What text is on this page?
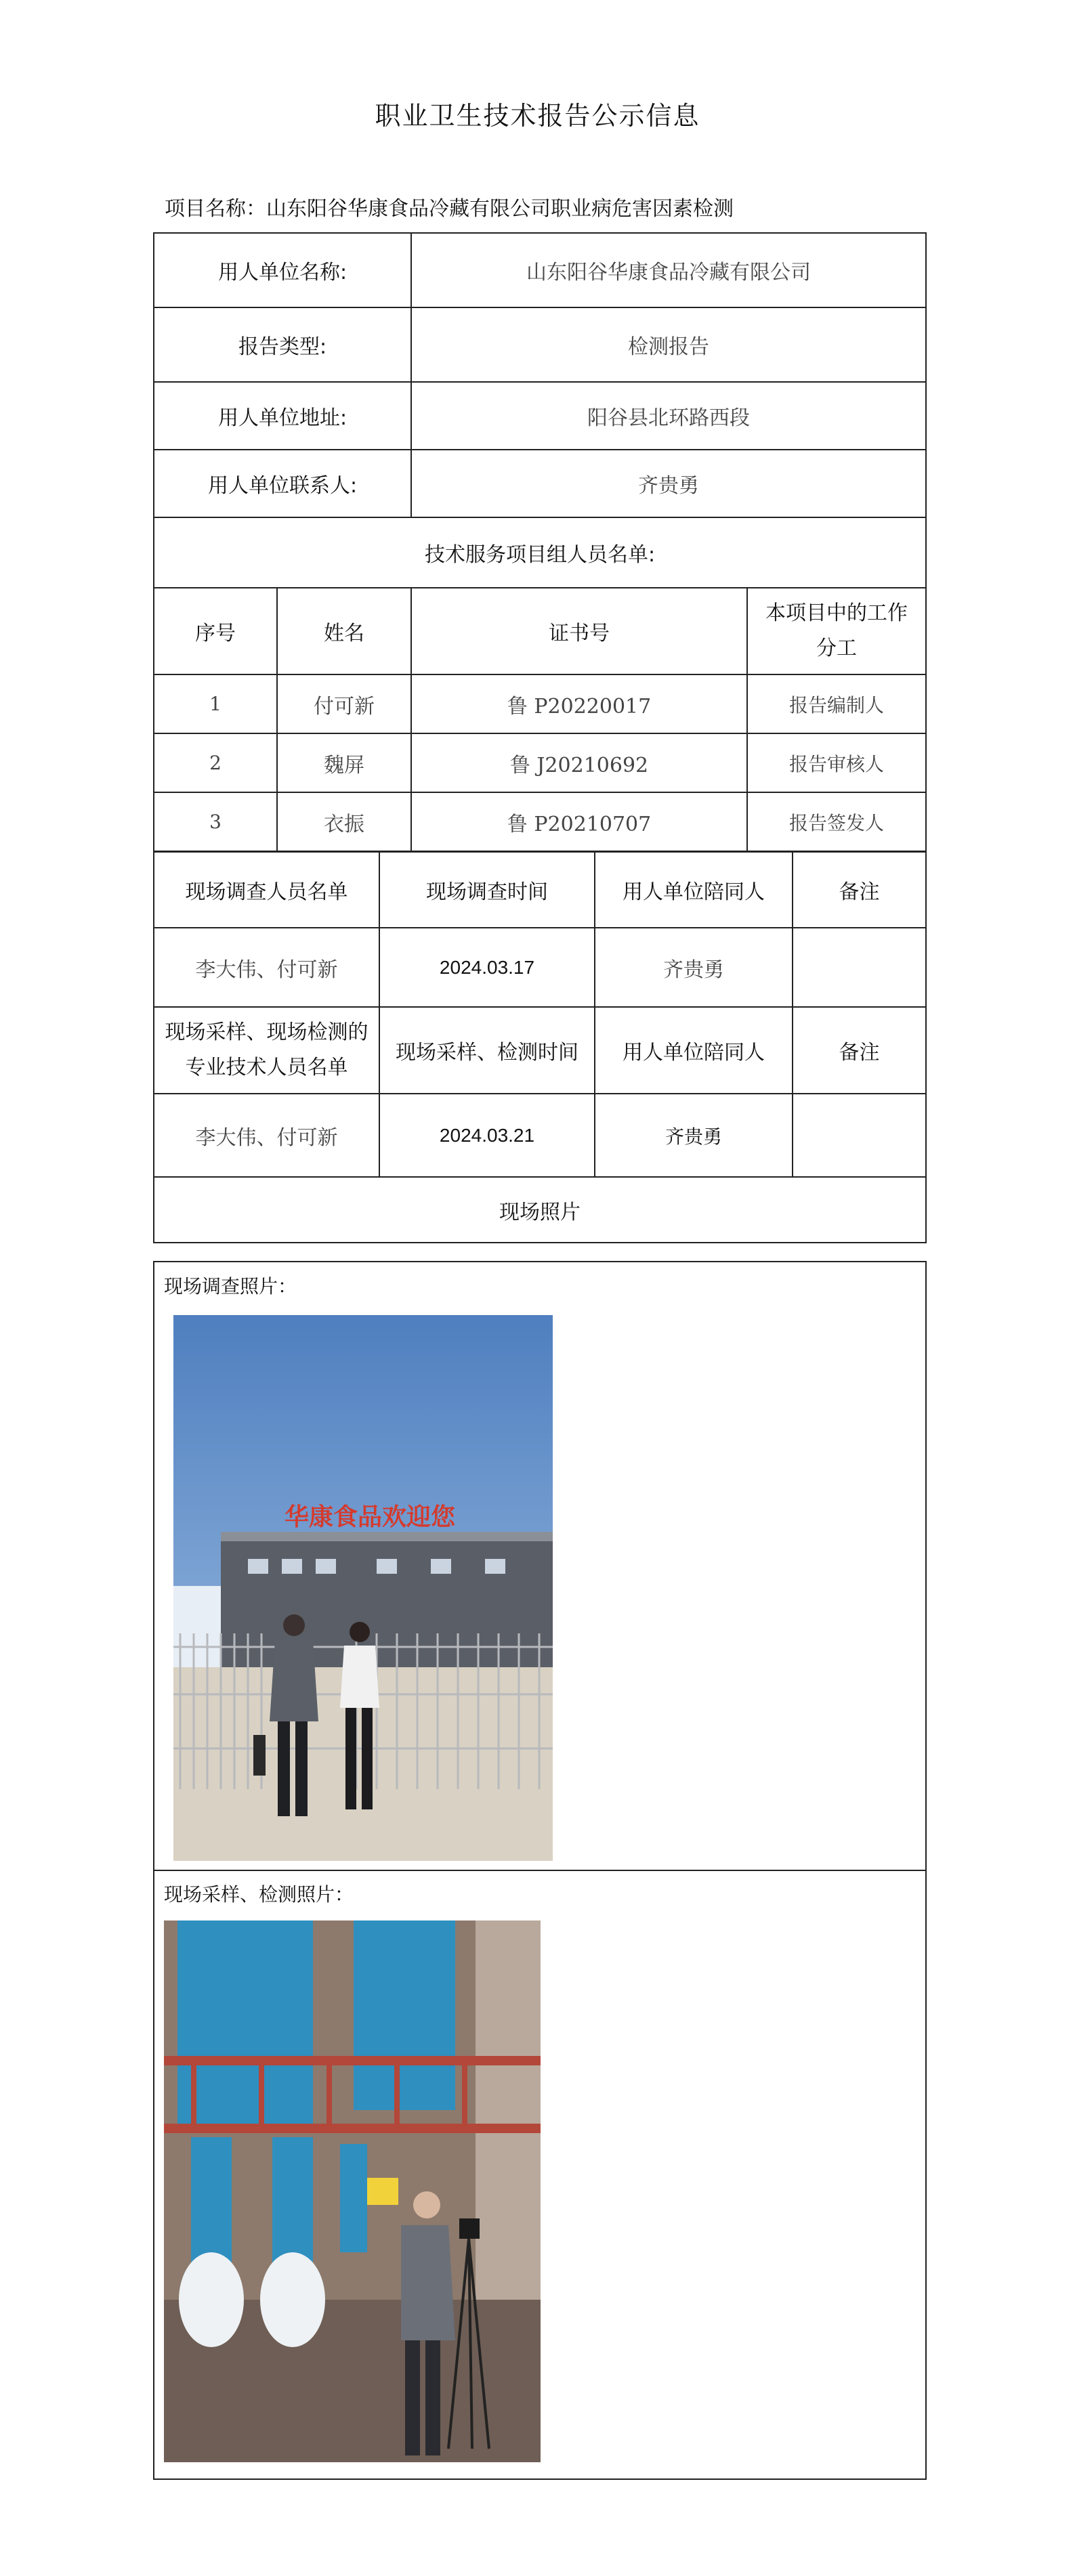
职业卫生技术报告公示信息
项目名称：山东阳谷华康食品冷藏有限公司职业病危害因素检测
用人单位名称:		山东阳谷华康食品冷藏有限公司	
报告类型:		检测报告	
用人单位地址:		阳谷县北环路西段	
用人单位联系人:		齐贵勇	
技术服务项目组人员名单:			
序号	姓名	证书号	本项目中的工作分工
1	付可新	鲁 P20220017	报告编制人
2	魏屏	鲁 J20210692	报告审核人
3	衣振	鲁 P20210707	报告签发人
现场调查人员名单	现场调查时间	用人单位陪同人	备注
李大伟、付可新	2024.03.17	齐贵勇	
现场采样、现场检测的专业技术人员名单	现场采样、检测时间	用人单位陪同人	备注
李大伟、付可新	2024.03.21	齐贵勇	
现场照片			
现场调查照片：
华康食品欢迎您
现场采样、检测照片：
